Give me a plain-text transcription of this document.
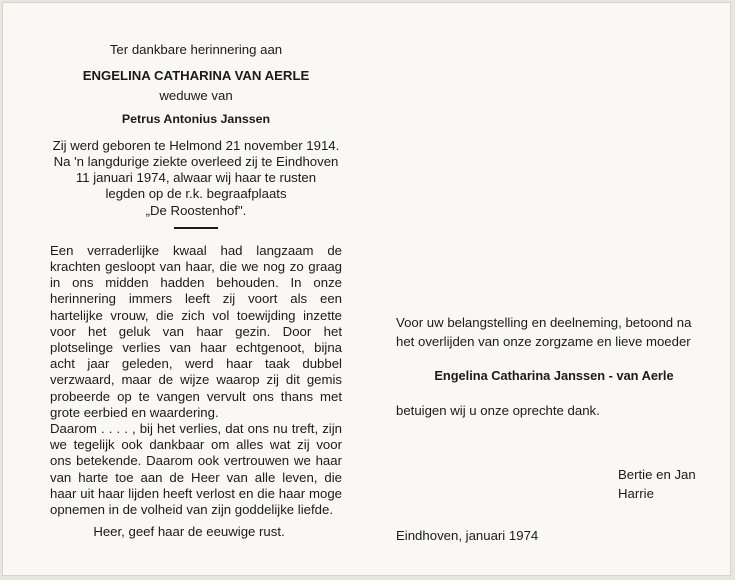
Ter dankbare herinnering aan
ENGELINA CATHARINA VAN AERLE
weduwe van
Petrus Antonius Janssen
Zij werd geboren te Helmond 21 november 1914.
Na 'n langdurige ziekte overleed zij te Eindhoven
11 januari 1974, alwaar wij haar te rusten
legden op de r.k. begraafplaats
„De Roostenhof".

Een verraderlijke kwaal had langzaam de krachten gesloopt van haar, die we nog zo graag in ons midden hadden behouden. In onze herinnering immers leeft zij voort als een hartelijke vrouw, die zich vol toewijding inzette voor het geluk van haar gezin. Door het plotselinge verlies van haar echtgenoot, bijna acht jaar geleden, werd haar taak dubbel verzwaard, maar de wijze waarop zij dit gemis probeerde op te vangen vervult ons thans met grote eerbied en waardering.

Daarom . . . . , bij het verlies, dat ons nu treft, zijn we tegelijk ook dankbaar om alles wat zij voor ons betekende. Daarom ook vertrouwen we haar van harte toe aan de Heer van alle leven, die haar uit haar lijden heeft verlost en die haar moge opnemen in de volheid van zijn goddelijke liefde.

Heer, geef haar de eeuwige rust.

Voor uw belangstelling en deelneming, betoond na het overlijden van onze zorgzame en lieve moeder

Engelina Catharina Janssen - van Aerle
betuigen wij u onze oprechte dank.
Bertie en Jan
Harrie
Eindhoven, januari 1974
